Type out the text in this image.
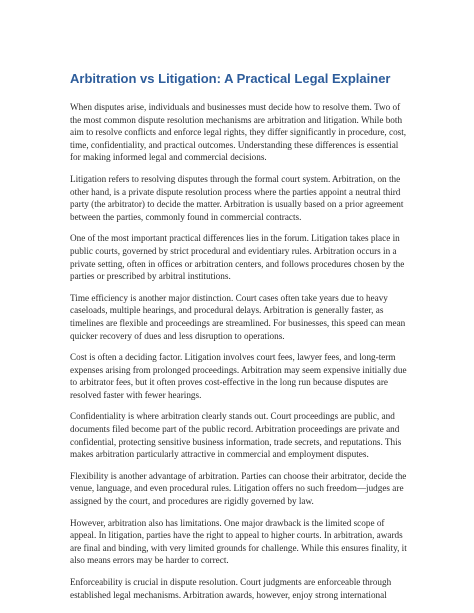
Arbitration vs Litigation: A Practical Legal Explainer

When disputes arise, individuals and businesses must decide how to resolve them. Two of the most common dispute resolution mechanisms are arbitration and litigation. While both aim to resolve conflicts and enforce legal rights, they differ significantly in procedure, cost, time, confidentiality, and practical outcomes. Understanding these differences is essential for making informed legal and commercial decisions.

Litigation refers to resolving disputes through the formal court system. Arbitration, on the other hand, is a private dispute resolution process where the parties appoint a neutral third party (the arbitrator) to decide the matter. Arbitration is usually based on a prior agreement between the parties, commonly found in commercial contracts.

One of the most important practical differences lies in the forum. Litigation takes place in public courts, governed by strict procedural and evidentiary rules. Arbitration occurs in a private setting, often in offices or arbitration centers, and follows procedures chosen by the parties or prescribed by arbitral institutions.

Time efficiency is another major distinction. Court cases often take years due to heavy caseloads, multiple hearings, and procedural delays. Arbitration is generally faster, as timelines are flexible and proceedings are streamlined. For businesses, this speed can mean quicker recovery of dues and less disruption to operations.

Cost is often a deciding factor. Litigation involves court fees, lawyer fees, and long-term expenses arising from prolonged proceedings. Arbitration may seem expensive initially due to arbitrator fees, but it often proves cost-effective in the long run because disputes are resolved faster with fewer hearings.

Confidentiality is where arbitration clearly stands out. Court proceedings are public, and documents filed become part of the public record. Arbitration proceedings are private and confidential, protecting sensitive business information, trade secrets, and reputations. This makes arbitration particularly attractive in commercial and employment disputes.

Flexibility is another advantage of arbitration. Parties can choose their arbitrator, decide the venue, language, and even procedural rules. Litigation offers no such freedom—judges are assigned by the court, and procedures are rigidly governed by law.

However, arbitration also has limitations. One major drawback is the limited scope of appeal. In litigation, parties have the right to appeal to higher courts. In arbitration, awards are final and binding, with very limited grounds for challenge. While this ensures finality, it also means errors may be harder to correct.

Enforceability is crucial in dispute resolution. Court judgments are enforceable through established legal mechanisms. Arbitration awards, however, enjoy strong international
